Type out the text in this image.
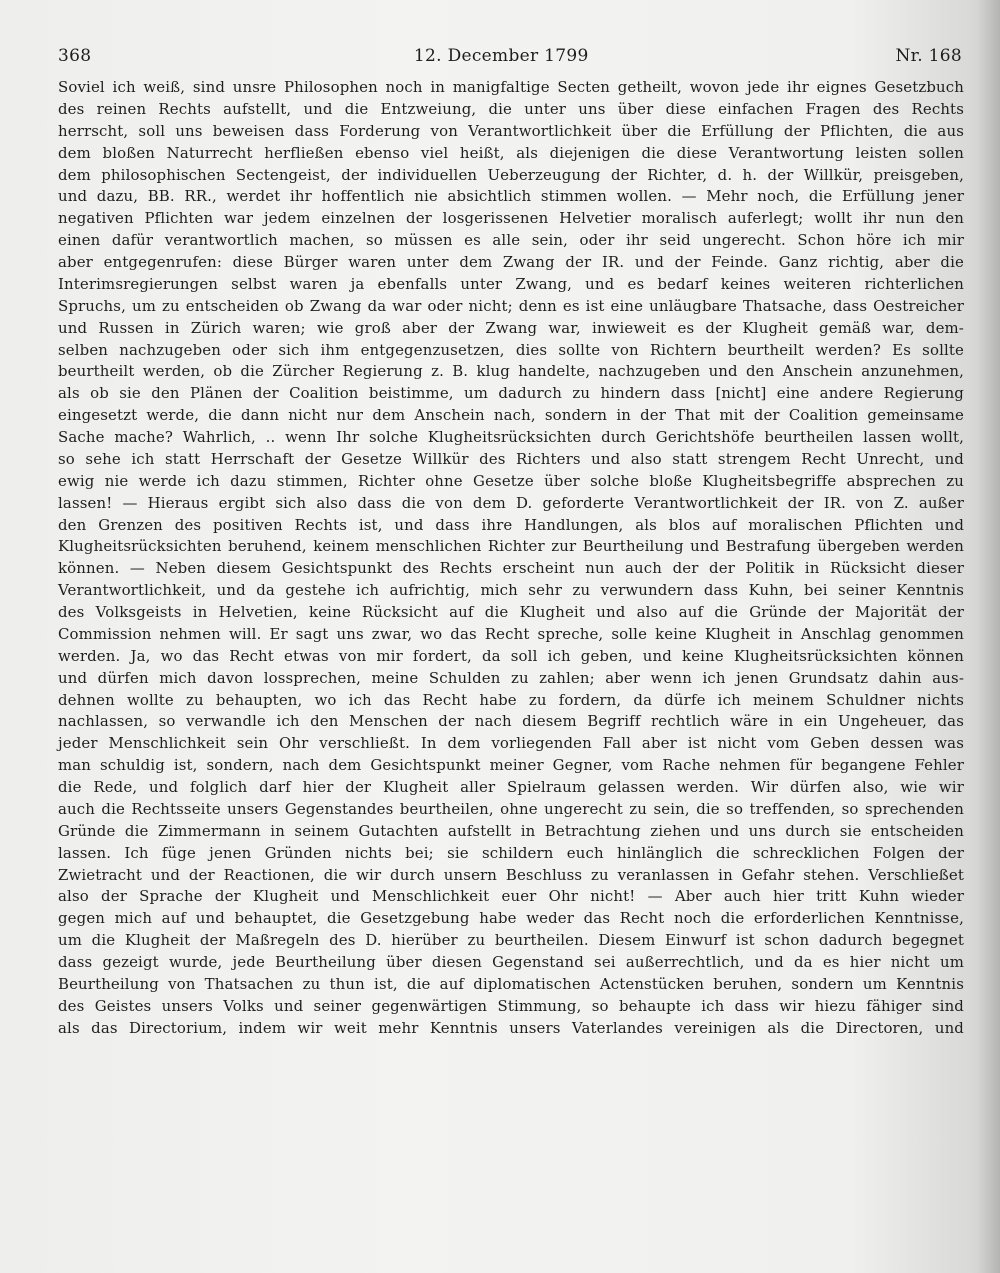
368	12. December 1799	Nr. 168
Soviel ich weiß, sind unsre Philosophen noch in manigfaltige Secten getheilt, wovon jede ihr eignes Gesetzbuch
des reinen Rechts aufstellt, und die Entzweiung, die unter uns über diese einfachen Fragen des Rechts
herrscht, soll uns beweisen dass Forderung von Verantwortlichkeit über die Erfüllung der Pflichten, die aus
dem bloßen Naturrecht herfließen ebenso viel heißt, als diejenigen die diese Verantwortung leisten sollen
dem philosophischen Sectengeist, der individuellen Ueberzeugung der Richter, d. h. der Willkür, preisgeben,
und dazu, BB. RR., werdet ihr hoffentlich nie absichtlich stimmen wollen. — Mehr noch, die Erfüllung jener
negativen Pflichten war jedem einzelnen der losgerissenen Helvetier moralisch auferlegt; wollt ihr nun den
einen dafür verantwortlich machen, so müssen es alle sein, oder ihr seid ungerecht. Schon höre ich mir
aber entgegenrufen: diese Bürger waren unter dem Zwang der IR. und der Feinde. Ganz richtig, aber die
Interimsregierungen selbst waren ja ebenfalls unter Zwang, und es bedarf keines weiteren richterlichen
Spruchs, um zu entscheiden ob Zwang da war oder nicht; denn es ist eine unläugbare Thatsache, dass Oestreicher
und Russen in Zürich waren; wie groß aber der Zwang war, inwieweit es der Klugheit gemäß war, dem-
selben nachzugeben oder sich ihm entgegenzusetzen, dies sollte von Richtern beurtheilt werden? Es sollte
beurtheilt werden, ob die Zürcher Regierung z. B. klug handelte, nachzugeben und den Anschein anzunehmen,
als ob sie den Plänen der Coalition beistimme, um dadurch zu hindern dass [nicht] eine andere Regierung
eingesetzt werde, die dann nicht nur dem Anschein nach, sondern in der That mit der Coalition gemeinsame
Sache mache? Wahrlich, .. wenn Ihr solche Klugheitsrücksichten durch Gerichtshöfe beurtheilen lassen wollt,
so sehe ich statt Herrschaft der Gesetze Willkür des Richters und also statt strengem Recht Unrecht, und
ewig nie werde ich dazu stimmen, Richter ohne Gesetze über solche bloße Klugheitsbegriffe absprechen zu
lassen! — Hieraus ergibt sich also dass die von dem D. geforderte Verantwortlichkeit der IR. von Z. außer
den Grenzen des positiven Rechts ist, und dass ihre Handlungen, als blos auf moralischen Pflichten und
Klugheitsrücksichten beruhend, keinem menschlichen Richter zur Beurtheilung und Bestrafung übergeben werden
können. — Neben diesem Gesichtspunkt des Rechts erscheint nun auch der der Politik in Rücksicht dieser
Verantwortlichkeit, und da gestehe ich aufrichtig, mich sehr zu verwundern dass Kuhn, bei seiner Kenntnis
des Volksgeists in Helvetien, keine Rücksicht auf die Klugheit und also auf die Gründe der Majorität der
Commission nehmen will. Er sagt uns zwar, wo das Recht spreche, solle keine Klugheit in Anschlag genommen
werden. Ja, wo das Recht etwas von mir fordert, da soll ich geben, und keine Klugheitsrücksichten können
und dürfen mich davon lossprechen, meine Schulden zu zahlen; aber wenn ich jenen Grundsatz dahin aus-
dehnen wollte zu behaupten, wo ich das Recht habe zu fordern, da dürfe ich meinem Schuldner nichts
nachlassen, so verwandle ich den Menschen der nach diesem Begriff rechtlich wäre in ein Ungeheuer, das
jeder Menschlichkeit sein Ohr verschließt. In dem vorliegenden Fall aber ist nicht vom Geben dessen was
man schuldig ist, sondern, nach dem Gesichtspunkt meiner Gegner, vom Rache nehmen für begangene Fehler
die Rede, und folglich darf hier der Klugheit aller Spielraum gelassen werden. Wir dürfen also, wie wir
auch die Rechtsseite unsers Gegenstandes beurtheilen, ohne ungerecht zu sein, die so treffenden, so sprechenden
Gründe die Zimmermann in seinem Gutachten aufstellt in Betrachtung ziehen und uns durch sie entscheiden
lassen. Ich füge jenen Gründen nichts bei; sie schildern euch hinlänglich die schrecklichen Folgen der
Zwietracht und der Reactionen, die wir durch unsern Beschluss zu veranlassen in Gefahr stehen. Verschließet
also der Sprache der Klugheit und Menschlichkeit euer Ohr nicht! — Aber auch hier tritt Kuhn wieder
gegen mich auf und behauptet, die Gesetzgebung habe weder das Recht noch die erforderlichen Kenntnisse,
um die Klugheit der Maßregeln des D. hierüber zu beurtheilen. Diesem Einwurf ist schon dadurch begegnet
dass gezeigt wurde, jede Beurtheilung über diesen Gegenstand sei außerrechtlich, und da es hier nicht um
Beurtheilung von Thatsachen zu thun ist, die auf diplomatischen Actenstücken beruhen, sondern um Kenntnis
des Geistes unsers Volks und seiner gegenwärtigen Stimmung, so behaupte ich dass wir hiezu fähiger sind
als das Directorium, indem wir weit mehr Kenntnis unsers Vaterlandes vereinigen als die Directoren, und
